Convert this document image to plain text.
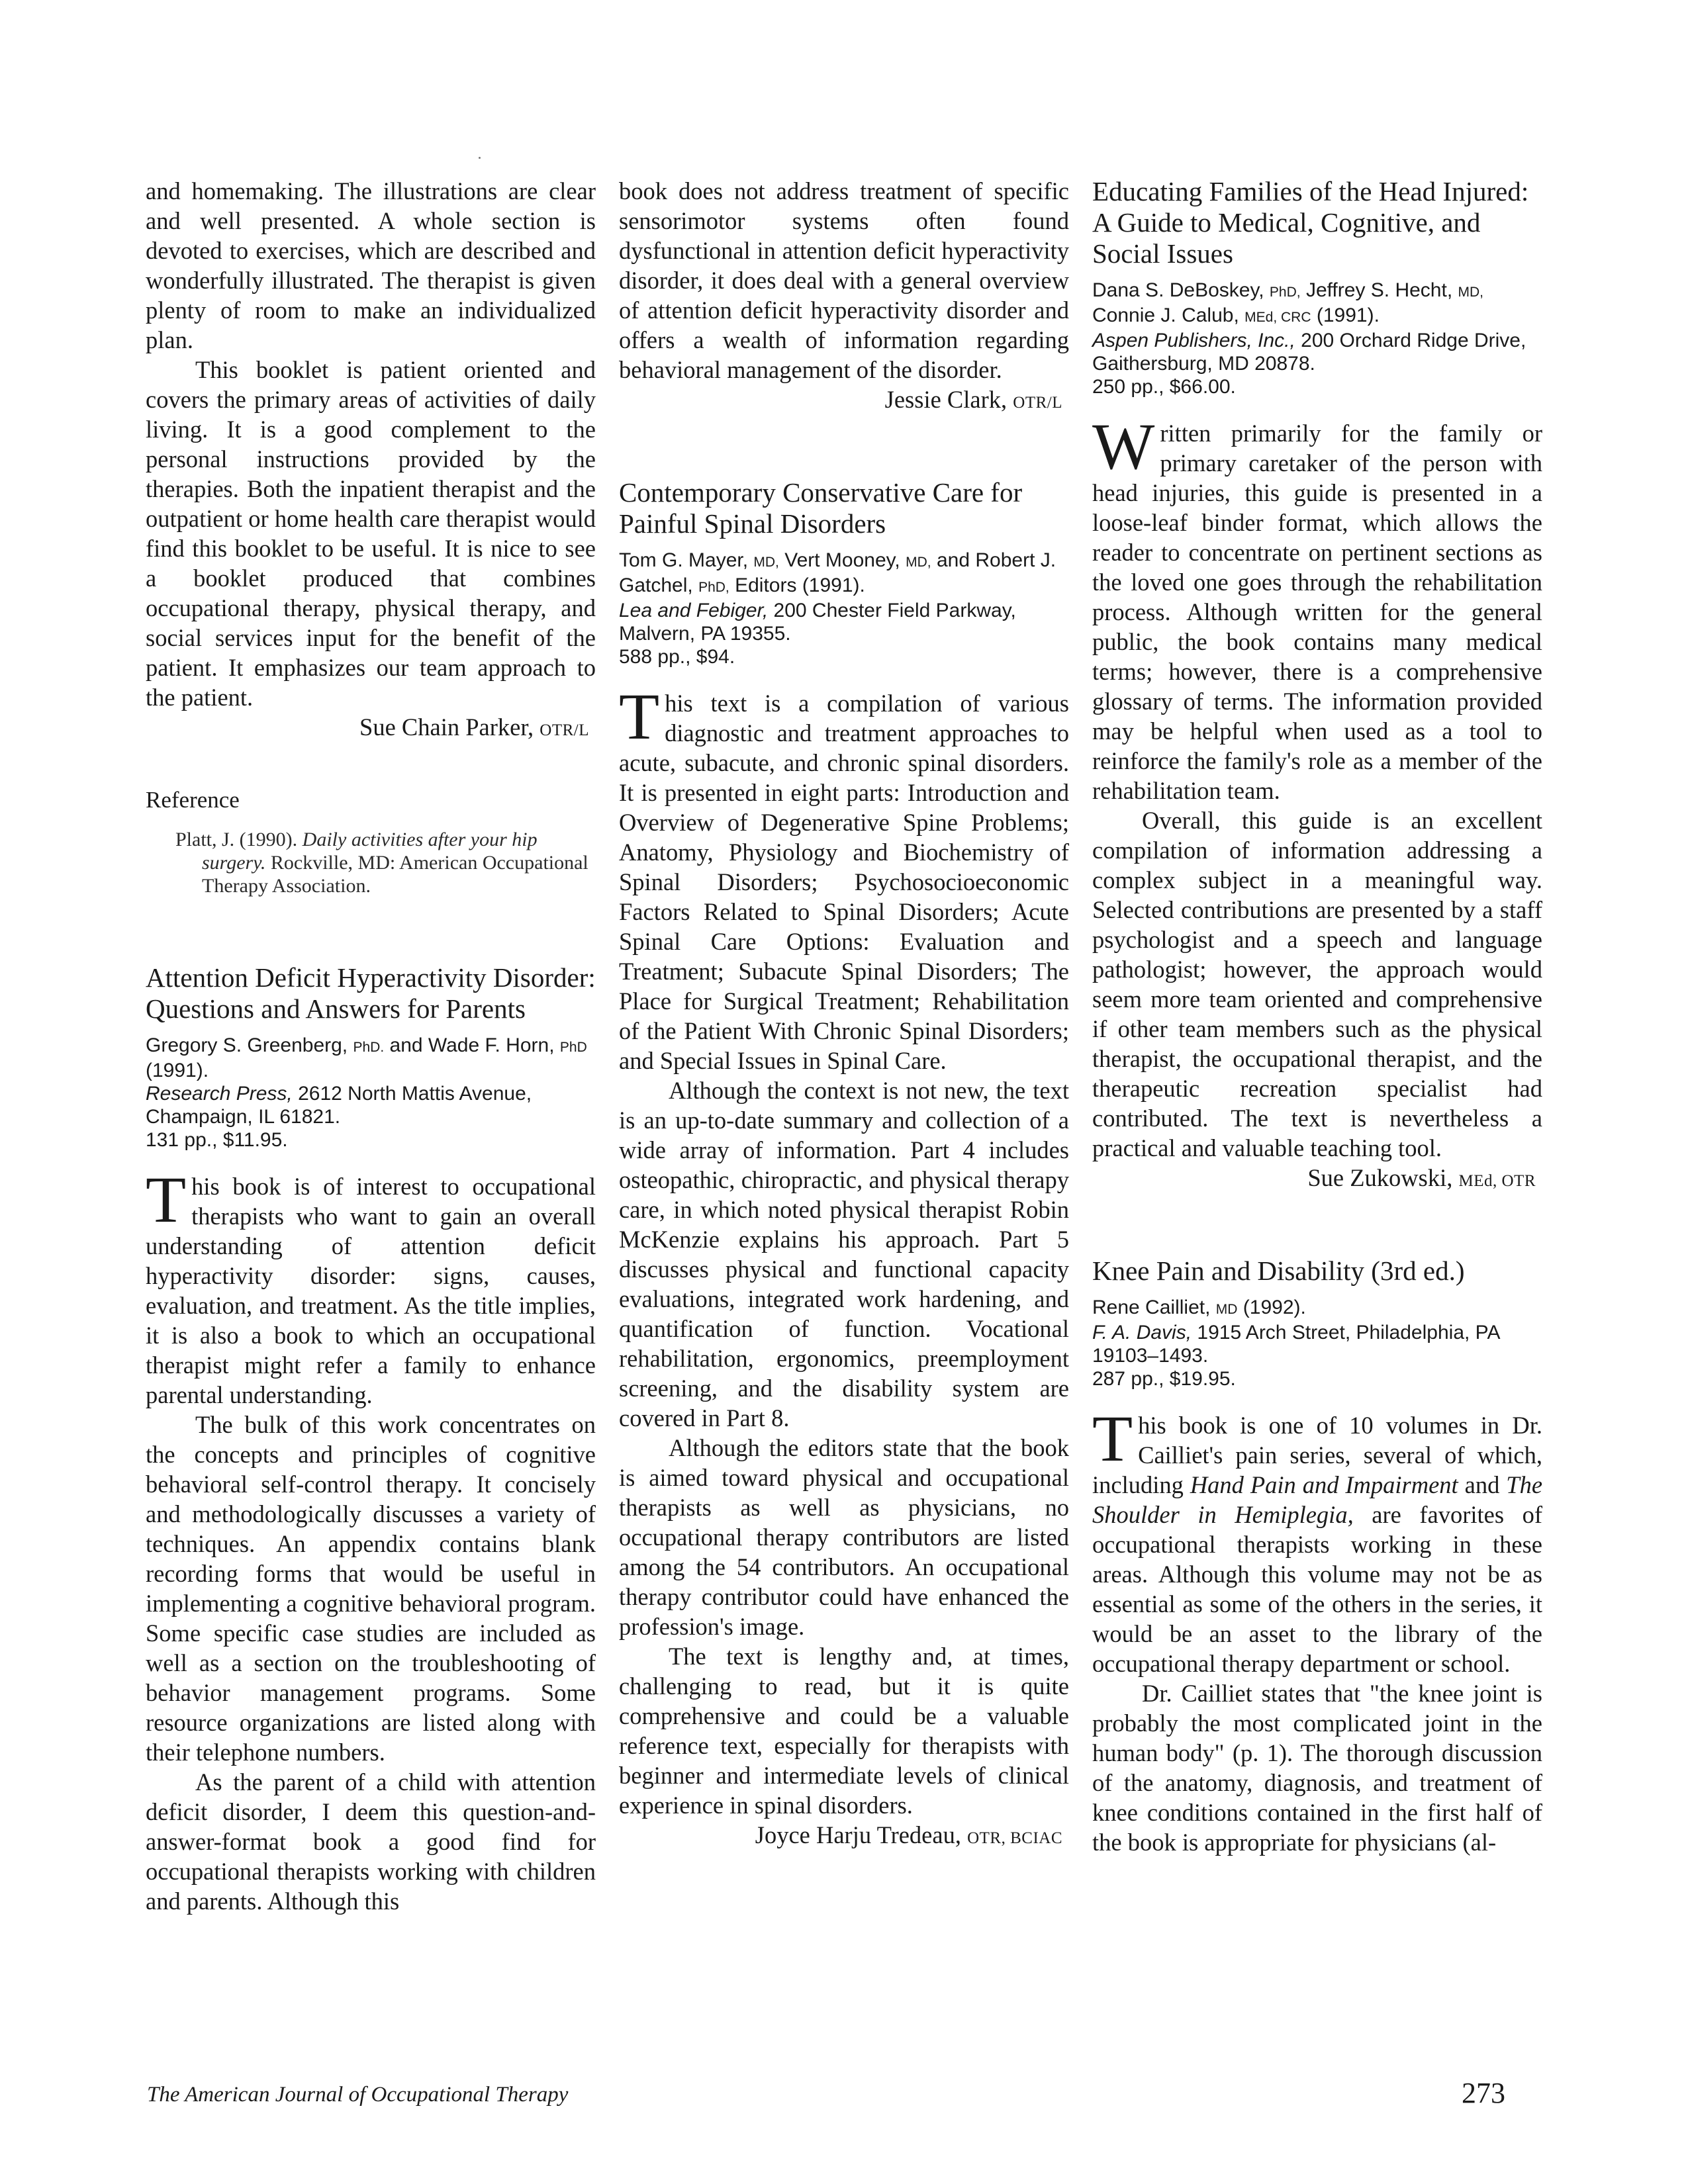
and homemaking. The illustrations are clear and well presented. A whole section is devoted to exercises, which are described and wonderfully illustrated. The therapist is given plenty of room to make an individualized plan.

This booklet is patient oriented and covers the primary areas of activities of daily living. It is a good complement to the personal instructions provided by the therapies. Both the inpatient therapist and the outpatient or home health care therapist would find this booklet to be useful. It is nice to see a booklet produced that combines occupational therapy, physical therapy, and social services input for the benefit of the patient. It emphasizes our team approach to the patient.

Sue Chain Parker, OTR/L

Reference

Platt, J. (1990). Daily activities after your hip surgery. Rockville, MD: American Occupational Therapy Association.

Attention Deficit Hyperactivity Disorder: Questions and Answers for Parents
Gregory S. Greenberg, PhD. and Wade F. Horn, PhD (1991).
Research Press, 2612 North Mattis Avenue, Champaign, IL 61821.
131 pp., $11.95.

This book is of interest to occupational therapists who want to gain an overall understanding of attention deficit hyperactivity disorder: signs, causes, evaluation, and treatment. As the title implies, it is also a book to which an occupational therapist might refer a family to enhance parental understanding.

The bulk of this work concentrates on the concepts and principles of cognitive behavioral self-control therapy. It concisely and methodologically discusses a variety of techniques. An appendix contains blank recording forms that would be useful in implementing a cognitive behavioral program. Some specific case studies are included as well as a section on the troubleshooting of behavior management programs. Some resource organizations are listed along with their telephone numbers.

As the parent of a child with attention deficit disorder, I deem this question-and-answer-format book a good find for occupational therapists working with children and parents. Although this

book does not address treatment of specific sensorimotor systems often found dysfunctional in attention deficit hyperactivity disorder, it does deal with a general overview of attention deficit hyperactivity disorder and offers a wealth of information regarding behavioral management of the disorder.

Jessie Clark, OTR/L

Contemporary Conservative Care for Painful Spinal Disorders
Tom G. Mayer, MD, Vert Mooney, MD, and Robert J. Gatchel, PhD, Editors (1991).
Lea and Febiger, 200 Chester Field Parkway, Malvern, PA 19355.
588 pp., $94.

This text is a compilation of various diagnostic and treatment approaches to acute, subacute, and chronic spinal disorders. It is presented in eight parts: Introduction and Overview of Degenerative Spine Problems; Anatomy, Physiology and Biochemistry of Spinal Disorders; Psychosocioeconomic Factors Related to Spinal Disorders; Acute Spinal Care Options: Evaluation and Treatment; Subacute Spinal Disorders; The Place for Surgical Treatment; Rehabilitation of the Patient With Chronic Spinal Disorders; and Special Issues in Spinal Care.

Although the context is not new, the text is an up-to-date summary and collection of a wide array of information. Part 4 includes osteopathic, chiropractic, and physical therapy care, in which noted physical therapist Robin McKenzie explains his approach. Part 5 discusses physical and functional capacity evaluations, integrated work hardening, and quantification of function. Vocational rehabilitation, ergonomics, preemployment screening, and the disability system are covered in Part 8.

Although the editors state that the book is aimed toward physical and occupational therapists as well as physicians, no occupational therapy contributors are listed among the 54 contributors. An occupational therapy contributor could have enhanced the profession's image.

The text is lengthy and, at times, challenging to read, but it is quite comprehensive and could be a valuable reference text, especially for therapists with beginner and intermediate levels of clinical experience in spinal disorders.

Joyce Harju Tredeau, OTR, BCIAC

Educating Families of the Head Injured: A Guide to Medical, Cognitive, and Social Issues
Dana S. DeBoskey, PhD, Jeffrey S. Hecht, MD, Connie J. Calub, MEd, CRC (1991).
Aspen Publishers, Inc., 200 Orchard Ridge Drive, Gaithersburg, MD 20878.
250 pp., $66.00.

Written primarily for the family or primary caretaker of the person with head injuries, this guide is presented in a loose-leaf binder format, which allows the reader to concentrate on pertinent sections as the loved one goes through the rehabilitation process. Although written for the general public, the book contains many medical terms; however, there is a comprehensive glossary of terms. The information provided may be helpful when used as a tool to reinforce the family's role as a member of the rehabilitation team.

Overall, this guide is an excellent compilation of information addressing a complex subject in a meaningful way. Selected contributions are presented by a staff psychologist and a speech and language pathologist; however, the approach would seem more team oriented and comprehensive if other team members such as the physical therapist, the occupational therapist, and the therapeutic recreation specialist had contributed. The text is nevertheless a practical and valuable teaching tool.

Sue Zukowski, MEd, OTR

Knee Pain and Disability (3rd ed.)
Rene Cailliet, MD (1992).
F. A. Davis, 1915 Arch Street, Philadelphia, PA 19103–1493.
287 pp., $19.95.

This book is one of 10 volumes in Dr. Cailliet's pain series, several of which, including Hand Pain and Impairment and The Shoulder in Hemiplegia, are favorites of occupational therapists working in these areas. Although this volume may not be as essential as some of the others in the series, it would be an asset to the library of the occupational therapy department or school.

Dr. Cailliet states that "the knee joint is probably the most complicated joint in the human body" (p. 1). The thorough discussion of the anatomy, diagnosis, and treatment of knee conditions contained in the first half of the book is appropriate for physicians (al-

The American Journal of Occupational Therapy	273
